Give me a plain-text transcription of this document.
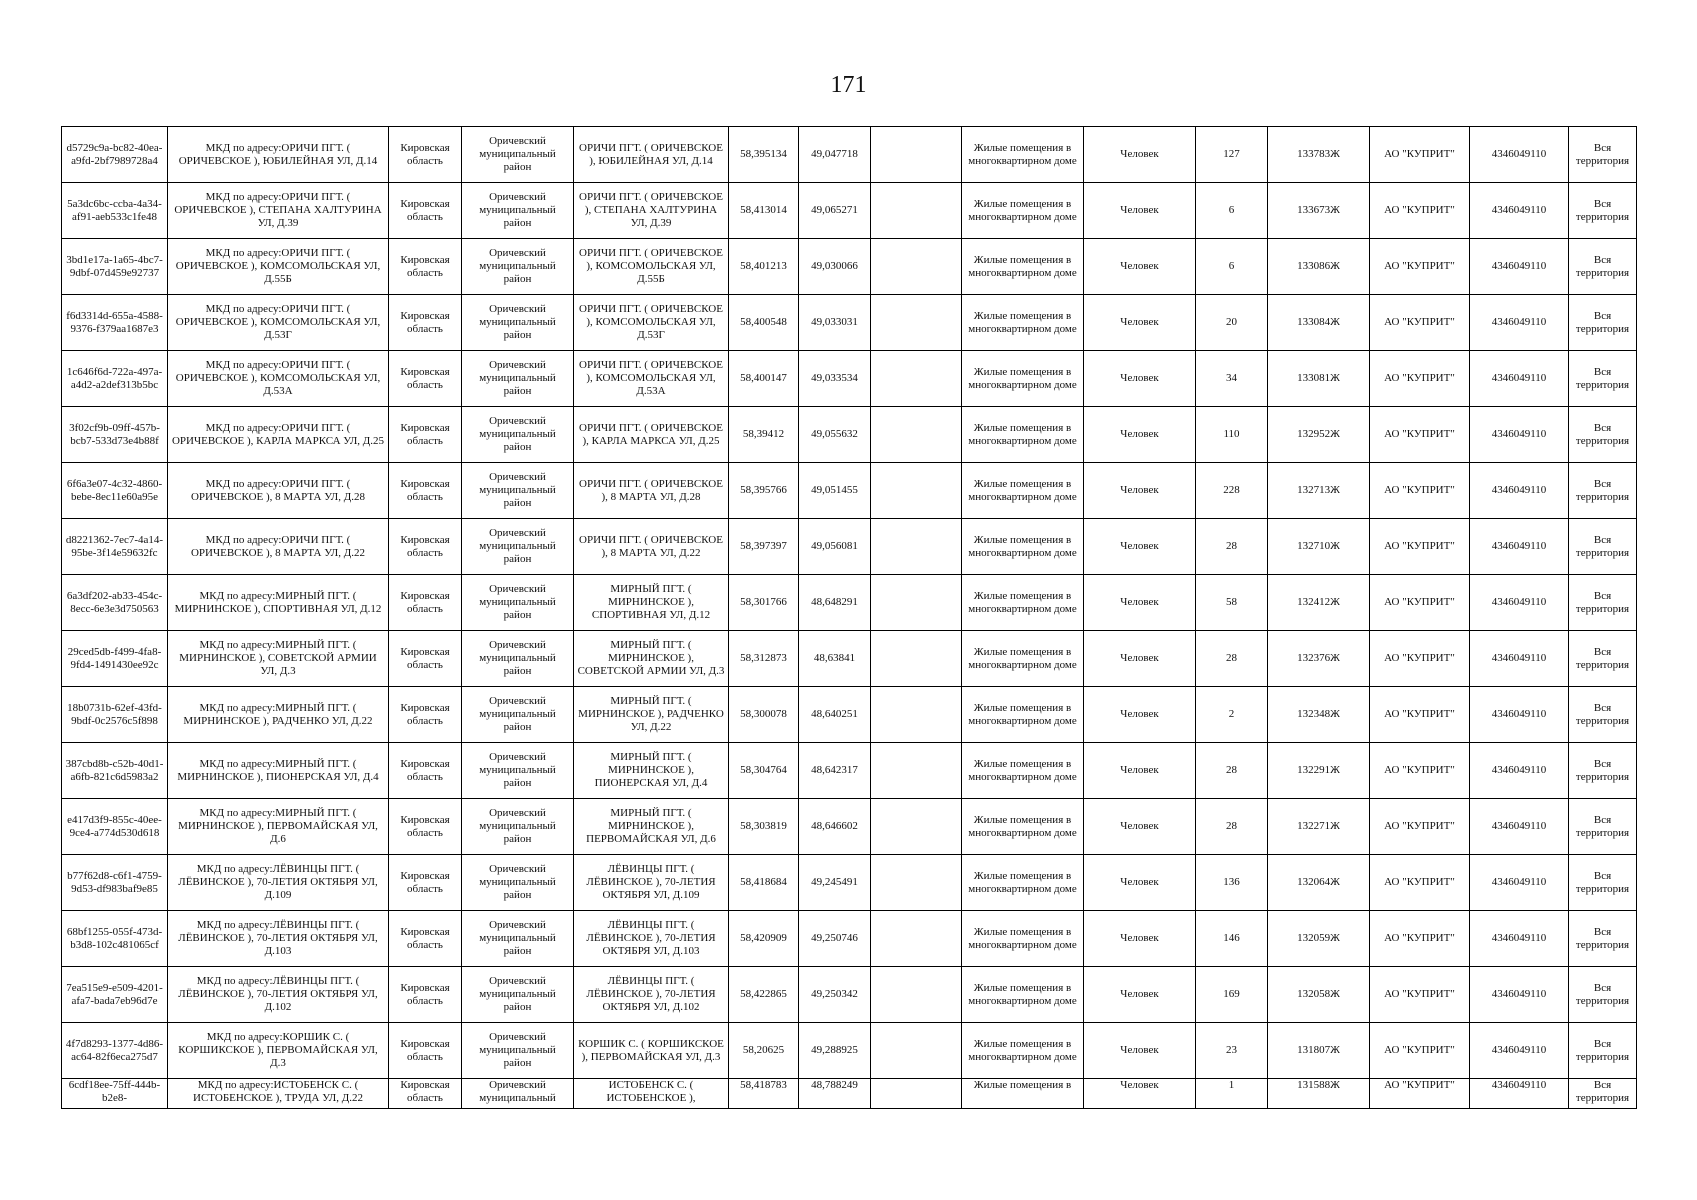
171
d5729c9a-bc82-40ea-a9fd-2bf7989728a4	МКД по адресу:ОРИЧИ ПГТ. ( ОРИЧЕВСКОЕ ), ЮБИЛЕЙНАЯ УЛ, Д.14	Кировская область	Оричевский муниципальный район	ОРИЧИ ПГТ. ( ОРИЧЕВСКОЕ ), ЮБИЛЕЙНАЯ УЛ, Д.14	58,395134	49,047718		Жилые помещения в многоквартирном доме	Человек	127	133783Ж	АО "КУПРИТ"	4346049110	Вся территория
5a3dc6bc-ccba-4a34-af91-aeb533c1fe48	МКД по адресу:ОРИЧИ ПГТ. ( ОРИЧЕВСКОЕ ), СТЕПАНА ХАЛТУРИНА УЛ, Д.39	Кировская область	Оричевский муниципальный район	ОРИЧИ ПГТ. ( ОРИЧЕВСКОЕ ), СТЕПАНА ХАЛТУРИНА УЛ, Д.39	58,413014	49,065271		Жилые помещения в многоквартирном доме	Человек	6	133673Ж	АО "КУПРИТ"	4346049110	Вся территория
3bd1e17a-1a65-4bc7-9dbf-07d459e92737	МКД по адресу:ОРИЧИ ПГТ. ( ОРИЧЕВСКОЕ ), КОМСОМОЛЬСКАЯ УЛ, Д.55Б	Кировская область	Оричевский муниципальный район	ОРИЧИ ПГТ. ( ОРИЧЕВСКОЕ ), КОМСОМОЛЬСКАЯ УЛ, Д.55Б	58,401213	49,030066		Жилые помещения в многоквартирном доме	Человек	6	133086Ж	АО "КУПРИТ"	4346049110	Вся территория
f6d3314d-655a-4588-9376-f379aa1687e3	МКД по адресу:ОРИЧИ ПГТ. ( ОРИЧЕВСКОЕ ), КОМСОМОЛЬСКАЯ УЛ, Д.53Г	Кировская область	Оричевский муниципальный район	ОРИЧИ ПГТ. ( ОРИЧЕВСКОЕ ), КОМСОМОЛЬСКАЯ УЛ, Д.53Г	58,400548	49,033031		Жилые помещения в многоквартирном доме	Человек	20	133084Ж	АО "КУПРИТ"	4346049110	Вся территория
1c646f6d-722a-497a-a4d2-a2def313b5bc	МКД по адресу:ОРИЧИ ПГТ. ( ОРИЧЕВСКОЕ ), КОМСОМОЛЬСКАЯ УЛ, Д.53А	Кировская область	Оричевский муниципальный район	ОРИЧИ ПГТ. ( ОРИЧЕВСКОЕ ), КОМСОМОЛЬСКАЯ УЛ, Д.53А	58,400147	49,033534		Жилые помещения в многоквартирном доме	Человек	34	133081Ж	АО "КУПРИТ"	4346049110	Вся территория
3f02cf9b-09ff-457b-bcb7-533d73e4b88f	МКД по адресу:ОРИЧИ ПГТ. ( ОРИЧЕВСКОЕ ), КАРЛА МАРКСА УЛ, Д.25	Кировская область	Оричевский муниципальный район	ОРИЧИ ПГТ. ( ОРИЧЕВСКОЕ ), КАРЛА МАРКСА УЛ, Д.25	58,39412	49,055632		Жилые помещения в многоквартирном доме	Человек	110	132952Ж	АО "КУПРИТ"	4346049110	Вся территория
6f6a3e07-4c32-4860-bebe-8ec11e60a95e	МКД по адресу:ОРИЧИ ПГТ. ( ОРИЧЕВСКОЕ ), 8 МАРТА УЛ, Д.28	Кировская область	Оричевский муниципальный район	ОРИЧИ ПГТ. ( ОРИЧЕВСКОЕ ), 8 МАРТА УЛ, Д.28	58,395766	49,051455		Жилые помещения в многоквартирном доме	Человек	228	132713Ж	АО "КУПРИТ"	4346049110	Вся территория
d8221362-7ec7-4a14-95be-3f14e59632fc	МКД по адресу:ОРИЧИ ПГТ. ( ОРИЧЕВСКОЕ ), 8 МАРТА УЛ, Д.22	Кировская область	Оричевский муниципальный район	ОРИЧИ ПГТ. ( ОРИЧЕВСКОЕ ), 8 МАРТА УЛ, Д.22	58,397397	49,056081		Жилые помещения в многоквартирном доме	Человек	28	132710Ж	АО "КУПРИТ"	4346049110	Вся территория
6a3df202-ab33-454c-8ecc-6e3e3d750563	МКД по адресу:МИРНЫЙ ПГТ. ( МИРНИНСКОЕ ), СПОРТИВНАЯ УЛ, Д.12	Кировская область	Оричевский муниципальный район	МИРНЫЙ ПГТ. ( МИРНИНСКОЕ ), СПОРТИВНАЯ УЛ, Д.12	58,301766	48,648291		Жилые помещения в многоквартирном доме	Человек	58	132412Ж	АО "КУПРИТ"	4346049110	Вся территория
29ced5db-f499-4fa8-9fd4-1491430ee92c	МКД по адресу:МИРНЫЙ ПГТ. ( МИРНИНСКОЕ ), СОВЕТСКОЙ АРМИИ УЛ, Д.3	Кировская область	Оричевский муниципальный район	МИРНЫЙ ПГТ. ( МИРНИНСКОЕ ), СОВЕТСКОЙ АРМИИ УЛ, Д.3	58,312873	48,63841		Жилые помещения в многоквартирном доме	Человек	28	132376Ж	АО "КУПРИТ"	4346049110	Вся территория
18b0731b-62ef-43fd-9bdf-0c2576c5f898	МКД по адресу:МИРНЫЙ ПГТ. ( МИРНИНСКОЕ ), РАДЧЕНКО УЛ, Д.22	Кировская область	Оричевский муниципальный район	МИРНЫЙ ПГТ. ( МИРНИНСКОЕ ), РАДЧЕНКО УЛ, Д.22	58,300078	48,640251		Жилые помещения в многоквартирном доме	Человек	2	132348Ж	АО "КУПРИТ"	4346049110	Вся территория
387cbd8b-c52b-40d1-a6fb-821c6d5983a2	МКД по адресу:МИРНЫЙ ПГТ. ( МИРНИНСКОЕ ), ПИОНЕРСКАЯ УЛ, Д.4	Кировская область	Оричевский муниципальный район	МИРНЫЙ ПГТ. ( МИРНИНСКОЕ ), ПИОНЕРСКАЯ УЛ, Д.4	58,304764	48,642317		Жилые помещения в многоквартирном доме	Человек	28	132291Ж	АО "КУПРИТ"	4346049110	Вся территория
e417d3f9-855c-40ee-9ce4-a774d530d618	МКД по адресу:МИРНЫЙ ПГТ. ( МИРНИНСКОЕ ), ПЕРВОМАЙСКАЯ УЛ, Д.6	Кировская область	Оричевский муниципальный район	МИРНЫЙ ПГТ. ( МИРНИНСКОЕ ), ПЕРВОМАЙСКАЯ УЛ, Д.6	58,303819	48,646602		Жилые помещения в многоквартирном доме	Человек	28	132271Ж	АО "КУПРИТ"	4346049110	Вся территория
b77f62d8-c6f1-4759-9d53-df983baf9e85	МКД по адресу:ЛЁВИНЦЫ ПГТ. ( ЛЁВИНСКОЕ ), 70-ЛЕТИЯ ОКТЯБРЯ УЛ, Д.109	Кировская область	Оричевский муниципальный район	ЛЁВИНЦЫ ПГТ. ( ЛЁВИНСКОЕ ), 70-ЛЕТИЯ ОКТЯБРЯ УЛ, Д.109	58,418684	49,245491		Жилые помещения в многоквартирном доме	Человек	136	132064Ж	АО "КУПРИТ"	4346049110	Вся территория
68bf1255-055f-473d-b3d8-102c481065cf	МКД по адресу:ЛЁВИНЦЫ ПГТ. ( ЛЁВИНСКОЕ ), 70-ЛЕТИЯ ОКТЯБРЯ УЛ, Д.103	Кировская область	Оричевский муниципальный район	ЛЁВИНЦЫ ПГТ. ( ЛЁВИНСКОЕ ), 70-ЛЕТИЯ ОКТЯБРЯ УЛ, Д.103	58,420909	49,250746		Жилые помещения в многоквартирном доме	Человек	146	132059Ж	АО "КУПРИТ"	4346049110	Вся территория
7ea515e9-e509-4201-afa7-bada7eb96d7e	МКД по адресу:ЛЁВИНЦЫ ПГТ. ( ЛЁВИНСКОЕ ), 70-ЛЕТИЯ ОКТЯБРЯ УЛ, Д.102	Кировская область	Оричевский муниципальный район	ЛЁВИНЦЫ ПГТ. ( ЛЁВИНСКОЕ ), 70-ЛЕТИЯ ОКТЯБРЯ УЛ, Д.102	58,422865	49,250342		Жилые помещения в многоквартирном доме	Человек	169	132058Ж	АО "КУПРИТ"	4346049110	Вся территория
4f7d8293-1377-4d86-ac64-82f6eca275d7	МКД по адресу:КОРШИК С. ( КОРШИКСКОЕ ), ПЕРВОМАЙСКАЯ УЛ, Д.3	Кировская область	Оричевский муниципальный район	КОРШИК С. ( КОРШИКСКОЕ ), ПЕРВОМАЙСКАЯ УЛ, Д.3	58,20625	49,288925		Жилые помещения в многоквартирном доме	Человек	23	131807Ж	АО "КУПРИТ"	4346049110	Вся территория
6cdf18ee-75ff-444b-b2e8-	МКД по адресу:ИСТОБЕНСК С. ( ИСТОБЕНСКОЕ ), ТРУДА УЛ, Д.22	Кировская область	Оричевский муниципальный	ИСТОБЕНСК С. ( ИСТОБЕНСКОЕ ),	58,418783	48,788249		Жилые помещения в	Человек	1	131588Ж	АО "КУПРИТ"	4346049110	Вся территория
